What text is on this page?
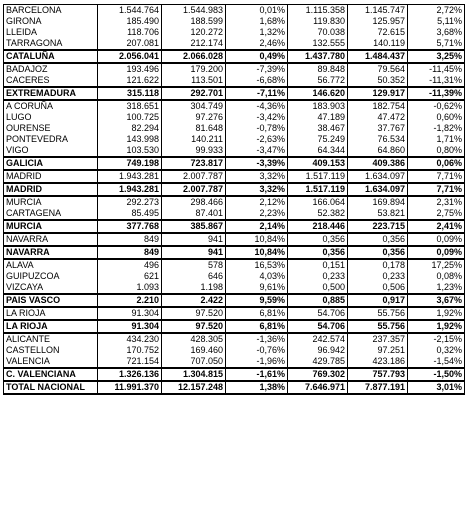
BARCELONA	1.544.764	1.544.983	0,01%	1.115.358	1.145.747	2,72%
GIRONA	185.490	188.599	1,68%	119.830	125.957	5,11%
LLEIDA	118.706	120.272	1,32%	70.038	72.615	3,68%
TARRAGONA	207.081	212.174	2,46%	132.555	140.119	5,71%
CATALUÑA	2.056.041	2.066.028	0,49%	1.437.780	1.484.437	3,25%
BADAJOZ	193.496	179.200	-7,39%	89.848	79.564	-11,45%
CACERES	121.622	113.501	-6,68%	56.772	50.352	-11,31%
EXTREMADURA	315.118	292.701	-7,11%	146.620	129.917	-11,39%
A CORUÑA	318.651	304.749	-4,36%	183.903	182.754	-0,62%
LUGO	100.725	97.276	-3,42%	47.189	47.472	0,60%
OURENSE	82.294	81.648	-0,78%	38.467	37.767	-1,82%
PONTEVEDRA	143.998	140.211	-2,63%	75.249	76.534	1,71%
VIGO	103.530	99.933	-3,47%	64.344	64.860	0,80%
GALICIA	749.198	723.817	-3,39%	409.153	409.386	0,06%
MADRID	1.943.281	2.007.787	3,32%	1.517.119	1.634.097	7,71%
MADRID	1.943.281	2.007.787	3,32%	1.517.119	1.634.097	7,71%
MURCIA	292.273	298.466	2,12%	166.064	169.894	2,31%
CARTAGENA	85.495	87.401	2,23%	52.382	53.821	2,75%
MURCIA	377.768	385.867	2,14%	218.446	223.715	2,41%
NAVARRA	849	941	10,84%	0,356	0,356	0,09%
NAVARRA	849	941	10,84%	0,356	0,356	0,09%
ALAVA	496	578	16,53%	0,151	0,178	17,25%
GUIPUZCOA	621	646	4,03%	0,233	0,233	0,08%
VIZCAYA	1.093	1.198	9,61%	0,500	0,506	1,23%
PAIS VASCO	2.210	2.422	9,59%	0,885	0,917	3,67%
LA RIOJA	91.304	97.520	6,81%	54.706	55.756	1,92%
LA RIOJA	91.304	97.520	6,81%	54.706	55.756	1,92%
ALICANTE	434.230	428.305	-1,36%	242.574	237.357	-2,15%
CASTELLON	170.752	169.460	-0,76%	96.942	97.251	0,32%
VALENCIA	721.154	707.050	-1,96%	429.785	423.186	-1,54%
C. VALENCIANA	1.326.136	1.304.815	-1,61%	769.302	757.793	-1,50%
TOTAL NACIONAL	11.991.370	12.157.248	1,38%	7.646.971	7.877.191	3,01%
